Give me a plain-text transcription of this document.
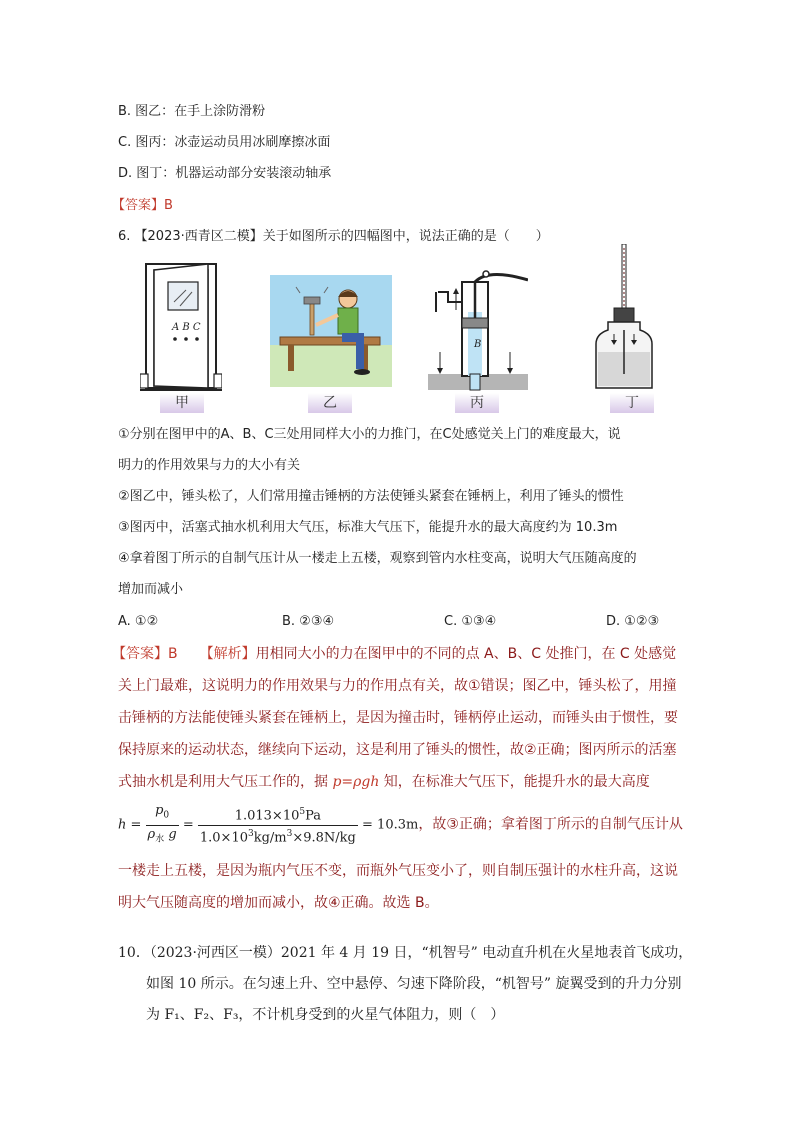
B. 图乙：在手上涂防滑粉
C. 图丙：冰壶运动员用冰刷摩擦冰面
D. 图丁：机器运动部分安装滚动轴承
【答案】B
6. 【2023·西青区二模】关于如图所示的四幅图中，说法正确的是（　　）
A B C
B
甲	乙	丙	丁
①分别在图甲中的A、B、C三处用同样大小的力推门，在C处感觉关上门的难度最大，说
明力的作用效果与力的大小有关
②图乙中，锤头松了，人们常用撞击锤柄的方法使锤头紧套在锤柄上，利用了锤头的惯性
③图丙中，活塞式抽水机利用大气压，标准大气压下，能提升水的最大高度约为 10.3m
④拿着图丁所示的自制气压计从一楼走上五楼，观察到管内水柱变高，说明大气压随高度的
增加而减小
A. ①②	B. ②③④	C. ①③④	D. ①②③
【答案】B 【解析】用相同大小的力在图甲中的不同的点 A、B、C 处推门，在 C 处感觉
关上门最难，这说明力的作用效果与力的作用点有关，故①错误；图乙中，锤头松了，用撞
击锤柄的方法能使锤头紧套在锤柄上，是因为撞击时，锤柄停止运动，而锤头由于惯性，要
保持原来的运动状态，继续向下运动，这是利用了锤头的惯性，故②正确；图丙所示的活塞
式抽水机是利用大气压工作的，据 p=ρgh 知，在标准大气压下，能提升水的最大高度
$h = \frac{p_0}{\rho_水 g} = \frac{1.013\times 10^5Pa}{1.0\times 10^3kg/m^3\times 9.8N/kg} = 10.3m$，故③正确；拿着图丁所示的自制气压计从
一楼走上五楼，是因为瓶内气压不变，而瓶外气压变小了，则自制压强计的水柱升高，这说
明大气压随高度的增加而减小，故④正确。故选 B。
10．（2023·河西区一模）2021 年 4 月 19 日，“机智号” 电动直升机在火星地表首飞成功，
如图 10 所示。在匀速上升、空中悬停、匀速下降阶段，“机智号” 旋翼受到的升力分别
为 F₁、F₂、F₃，不计机身受到的火星气体阻力，则（　）
